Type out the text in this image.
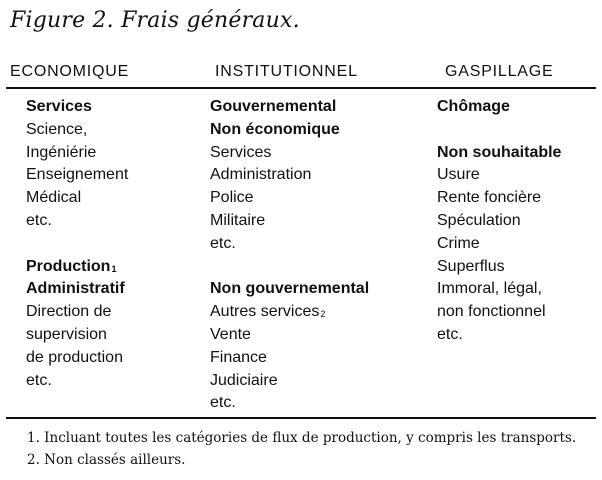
Figure 2. Frais généraux.
ECONOMIQUE	INSTITUTIONNEL	GASPILLAGE
Services
Science,
Ingéniérie
Enseignement
Médical
etc.
Production$^1$
Administratif
Direction de
supervision
de production
etc.
Gouvernemental
Non économique
Services
Administration
Police
Militaire
etc.
Non gouvernemental
Autres services$^2$
Vente
Finance
Judiciaire
etc.
Chômage
Non souhaitable
Usure
Rente foncière
Spéculation
Crime
Superflus
Immoral, légal,
non fonctionnel
etc.
1. Incluant toutes les catégories de flux de production, y compris les transports.
2. Non classés ailleurs.
